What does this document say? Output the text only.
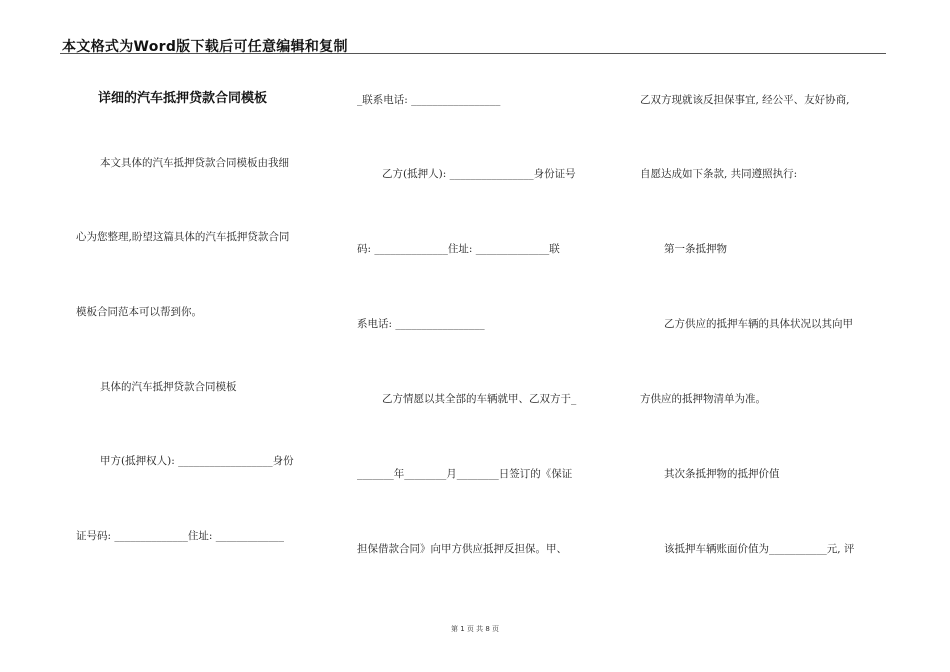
本文格式为Word版下载后可任意编辑和复制
详细的汽车抵押贷款合同模板
本文具体的汽车抵押贷款合同模板由我细
心为您整理,盼望这篇具体的汽车抵押贷款合同
模板合同范本可以帮到你。
具体的汽车抵押贷款合同模板
甲方(抵押权人): __________________身份
证号码: ______________住址: _____________
_联系电话: _________________
乙方(抵押人): ________________身份证号
码: ______________住址: ______________联
系电话: _________________
乙方情愿以其全部的车辆就甲、乙双方于_
_______年________月________日签订的《保证
担保借款合同》向甲方供应抵押反担保。甲、
乙双方现就该反担保事宜, 经公平、友好协商,
自愿达成如下条款, 共同遵照执行:
第一条抵押物
乙方供应的抵押车辆的具体状况以其向甲
方供应的抵押物清单为准。
其次条抵押物的抵押价值
该抵押车辆账面价值为___________元, 评
第 1 页 共 8 页
